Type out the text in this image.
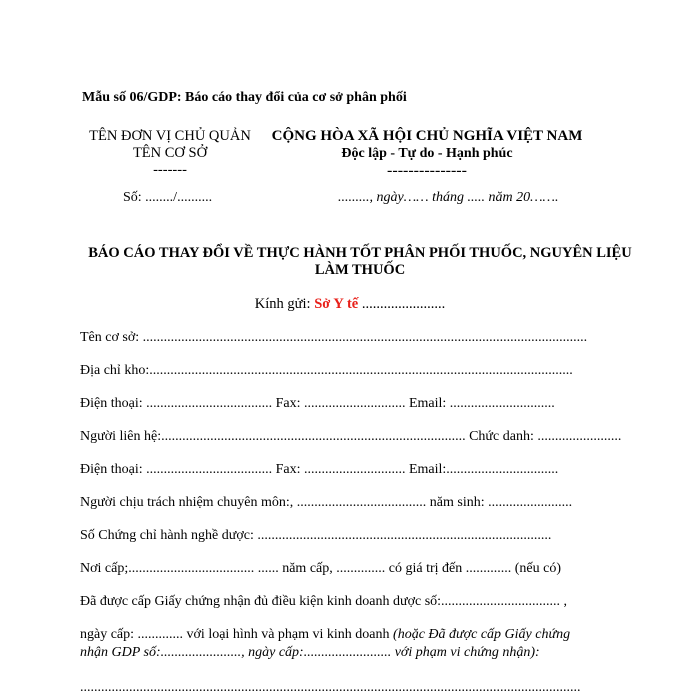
Mẫu số 06/GDP: Báo cáo thay đổi của cơ sở phân phối
TÊN ĐƠN VỊ CHỦ QUẢN
TÊN CƠ SỞ
-------
CỘNG HÒA XÃ HỘI CHỦ NGHĨA VIỆT NAM
Độc lập - Tự do - Hạnh phúc
---------------
Số: ......../..........	........., ngày…… tháng ..... năm 20…….
BÁO CÁO THAY ĐỔI VỀ THỰC HÀNH TỐT PHÂN PHỐI THUỐC, NGUYÊN LIỆU LÀM THUỐC
Kính gửi: Sở Y tế .......................
Tên cơ sở: ...............................................................................................................................
Địa chỉ kho:.........................................................................................................................
Điện thoại: .................................... Fax: ............................. Email: ..............................
Người liên hệ:....................................................................................... Chức danh: ........................
Điện thoại: .................................... Fax: ............................. Email:................................
Người chịu trách nhiệm chuyên môn:, ..................................... năm sinh: ........................
Số Chứng chỉ hành nghề dược: ....................................................................................
Nơi cấp;.................................... ...... năm cấp, .............. có giá trị đến ............. (nếu có)
Đã được cấp Giấy chứng nhận đủ điều kiện kinh doanh dược số:.................................. ,
ngày cấp: ............. với loại hình và phạm vi kinh doanh (hoặc Đã được cấp Giấy chứng
nhận GDP số:......................., ngày cấp:......................... với phạm vi chứng nhận):
...............................................................................................................................................
